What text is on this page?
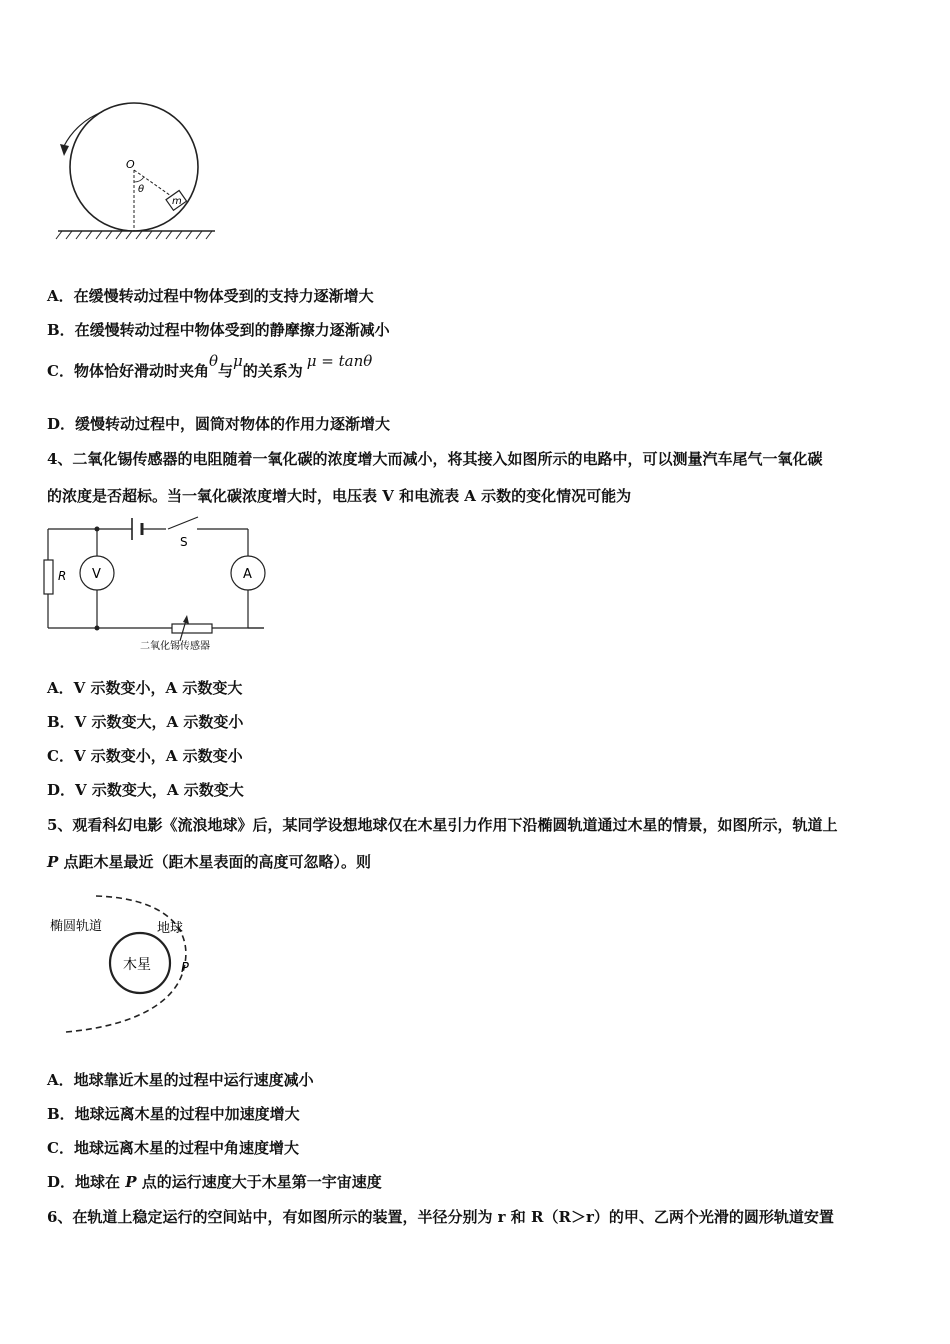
O
θ
m
A．在缓慢转动过程中物体受到的支持力逐渐增大
B．在缓慢转动过程中物体受到的静摩擦力逐渐减小
C．物体恰好滑动时夹角θ与μ的关系为μ = tanθ
D．缓慢转动过程中，圆筒对物体的作用力逐渐增大
4、二氧化锡传感器的电阻随着一氧化碳的浓度增大而减小，将其接入如图所示的电路中，可以测量汽车尾气一氧化碳
的浓度是否超标。当一氧化碳浓度增大时，电压表 V 和电流表 A 示数的变化情况可能为
S
R V	A
二氧化锡传感器
A．V 示数变小，A 示数变大
B．V 示数变大，A 示数变小
C．V 示数变小，A 示数变小
D．V 示数变大，A 示数变大
5、观看科幻电影《流浪地球》后，某同学设想地球仅在木星引力作用下沿椭圆轨道通过木星的情景，如图所示，轨道上
P 点距木星最近（距木星表面的高度可忽略）。则
椭圆轨道	地球
木星 P
A．地球靠近木星的过程中运行速度减小
B．地球远离木星的过程中加速度增大
C．地球远离木星的过程中角速度增大
D．地球在 P 点的运行速度大于木星第一宇宙速度
6、在轨道上稳定运行的空间站中，有如图所示的装置，半径分别为 r 和 R（R＞r）的甲、乙两个光滑的圆形轨道安置
